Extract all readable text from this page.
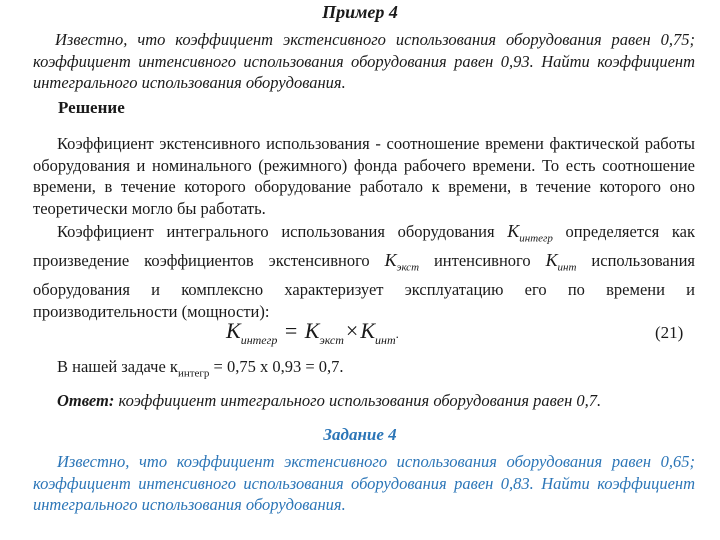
Пример 4

Известно, что коэффициент экстенсивного использования оборудования равен 0,75; коэффициент интенсивного использования оборудования равен 0,93. Найти коэффициент интегрального использования оборудования.

Решение

Коэффициент экстенсивного использования - соотношение времени фактической работы оборудования и номинального (режимного) фонда рабочего времени. То есть соотношение времени, в течение которого оборудование работало к времени, в течение которого оно теоретически могло бы работать.

Коэффициент интегрального использования оборудования $К_{интегр}$ определяется как произведение коэффициентов экстенсивного $К_{экст}$ интенсивного $К_{инт}$ использования оборудования и комплексно характеризует эксплуатацию его по времени и производительности (мощности):

$K_{интегр} = K_{экст}\times K_{инт}$.	(21)

В нашей задаче $к_{интегр} = 0,75$ х 0,93 = 0,7.

Ответ: коэффициент интегрального использования оборудования равен 0,7.

Задание 4

Известно, что коэффициент экстенсивного использования оборудования равен 0,65; коэффициент интенсивного использования оборудования равен 0,83. Найти коэффициент интегрального использования оборудования.
